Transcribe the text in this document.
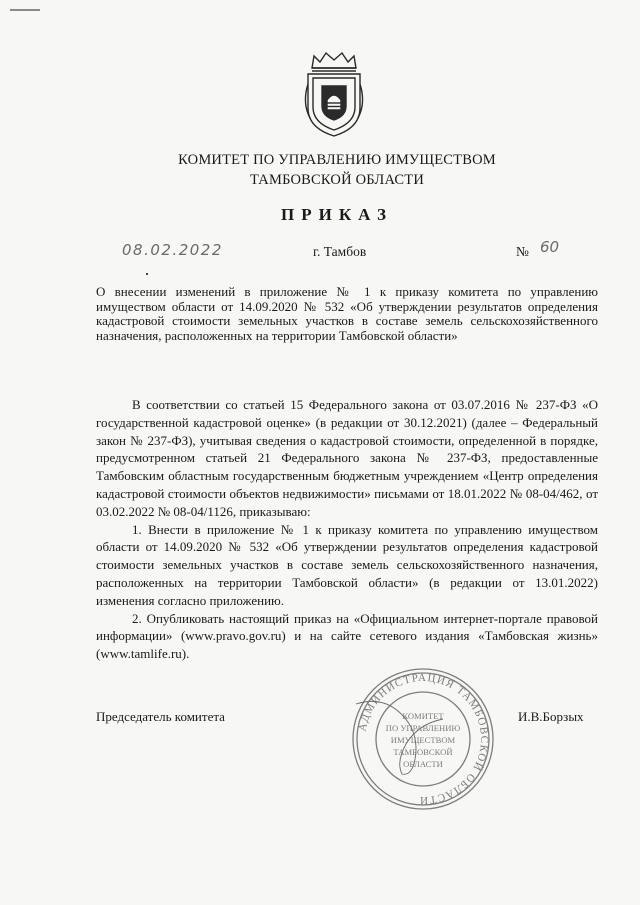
КОМИТЕТ ПО УПРАВЛЕНИЮ ИМУЩЕСТВОМ
ТАМБОВСКОЙ ОБЛАСТИ
ПРИКАЗ
08.02.2022	г. Тамбов	№ 60
О внесении изменений в приложение № 1 к приказу комитета по управлению имуществом области от 14.09.2020 № 532 «Об утверждении результатов определения кадастровой стоимости земельных участков в составе земель сельскохозяйственного назначения, расположенных на территории Тамбовской области»

В соответствии со статьей 15 Федерального закона от 03.07.2016 № 237-ФЗ «О государственной кадастровой оценке» (в редакции от 30.12.2021) (далее – Федеральный закон № 237-ФЗ), учитывая сведения о кадастровой стоимости, определенной в порядке, предусмотренном статьей 21 Федерального закона № 237-ФЗ, предоставленные Тамбовским областным государственным бюджетным учреждением «Центр определения кадастровой стоимости объектов недвижимости» письмами от 18.01.2022 № 08-04/462, от 03.02.2022 № 08-04/1126, приказываю:

1. Внести в приложение № 1 к приказу комитета по управлению имуществом области от 14.09.2020 № 532 «Об утверждении результатов определения кадастровой стоимости земельных участков в составе земель сельскохозяйственного назначения, расположенных на территории Тамбовской области» (в редакции от 13.01.2022) изменения согласно приложению.

2. Опубликовать настоящий приказ на «Официальном интернет-портале правовой информации» (www.pravo.gov.ru) и на сайте сетевого издания «Тамбовская жизнь» (www.tamlife.ru).

Председатель комитета	И.В.Борзых
АДМИНИСТРАЦИЯ ТАМБОВСКОЙ ОБЛАСТИ
КОМИТЕТ
ПО УПРАВЛЕНИЮ
ИМУЩЕСТВОМ
ТАМБОВСКОЙ
ОБЛАСТИ
